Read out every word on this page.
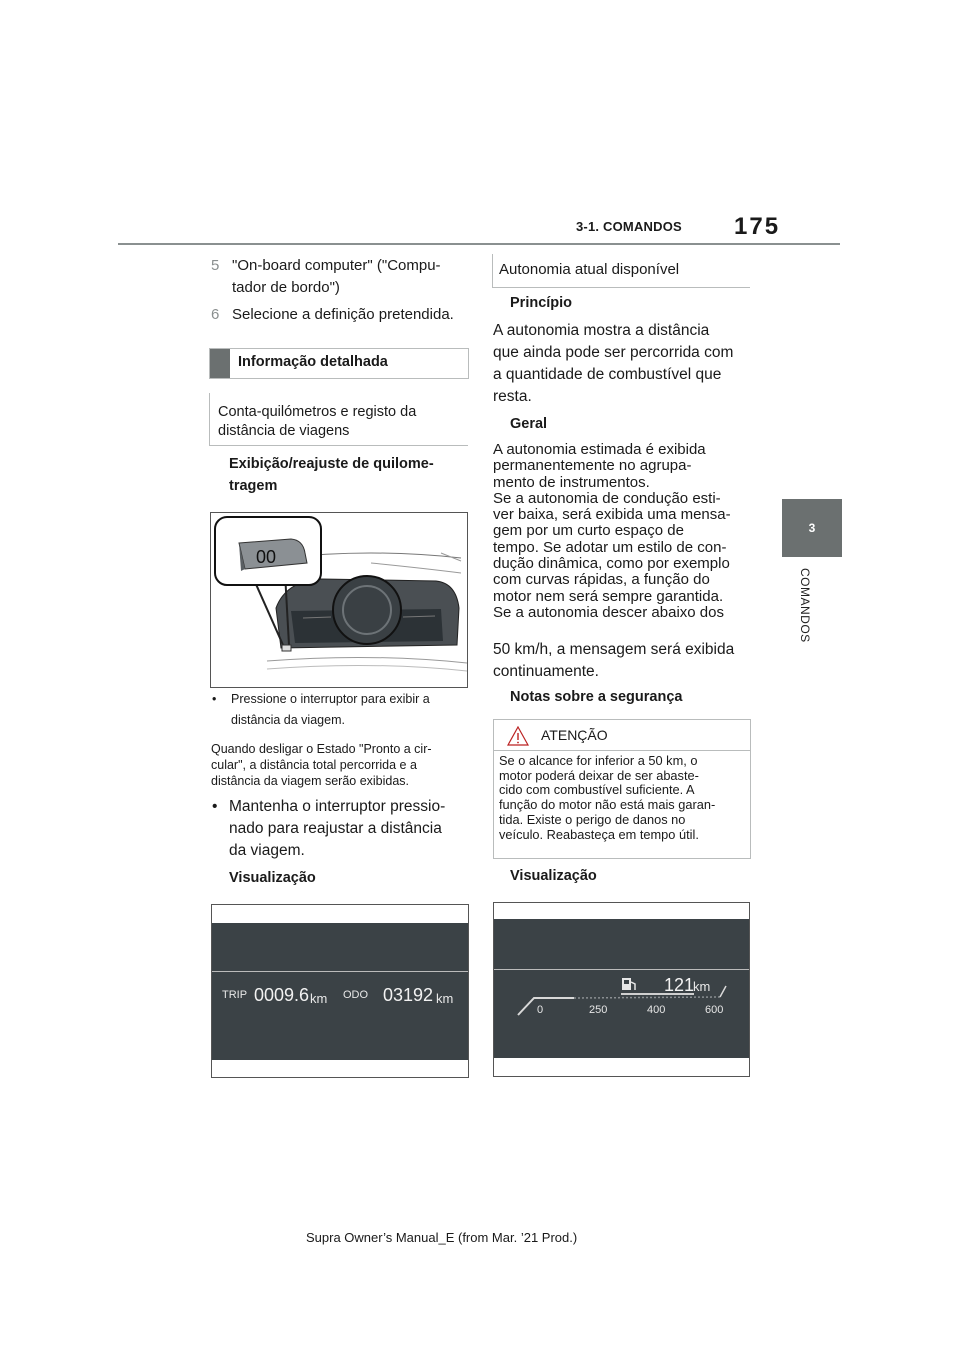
3-1. COMANDOS 175
3
COMANDOS
5 "On-board computer" ("Compu-
tador de bordo")
6 Selecione a definição pretendida.
Informação detalhada
Conta-quilómetros e registo da
distância de viagens
Exibição/reajuste de quilome-
tragem
00
• Pressione o interruptor para exibir a
distância da viagem.
Quando desligar o Estado "Pronto a cir-
cular", a distância total percorrida e a
distância da viagem serão exibidas.
• Mantenha o interruptor pressio-
nado para reajustar a distância
da viagem.
Visualização
TRIP 0009.6 km ODO 03192 km
Autonomia atual disponível
Princípio
A autonomia mostra a distância
que ainda pode ser percorrida com
a quantidade de combustível que
resta.
Geral
A autonomia estimada é exibida
permanentemente no agrupa-
mento de instrumentos.
Se a autonomia de condução esti-
ver baixa, será exibida uma mensa-
gem por um curto espaço de
tempo. Se adotar um estilo de con-
dução dinâmica, como por exemplo
com curvas rápidas, a função do
motor nem será sempre garantida.
Se a autonomia descer abaixo dos
50 km/h, a mensagem será exibida
continuamente.
Notas sobre a segurança
ATENÇÃO
Se o alcance for inferior a 50 km, o
motor poderá deixar de ser abaste-
cido com combustível suficiente. A
função do motor não está mais garan-
tida. Existe o perigo de danos no
veículo. Reabasteça em tempo útil.
Visualização
121
km
0	250	400	600
Supra Owner’s Manual_E (from Mar. ’21 Prod.)
